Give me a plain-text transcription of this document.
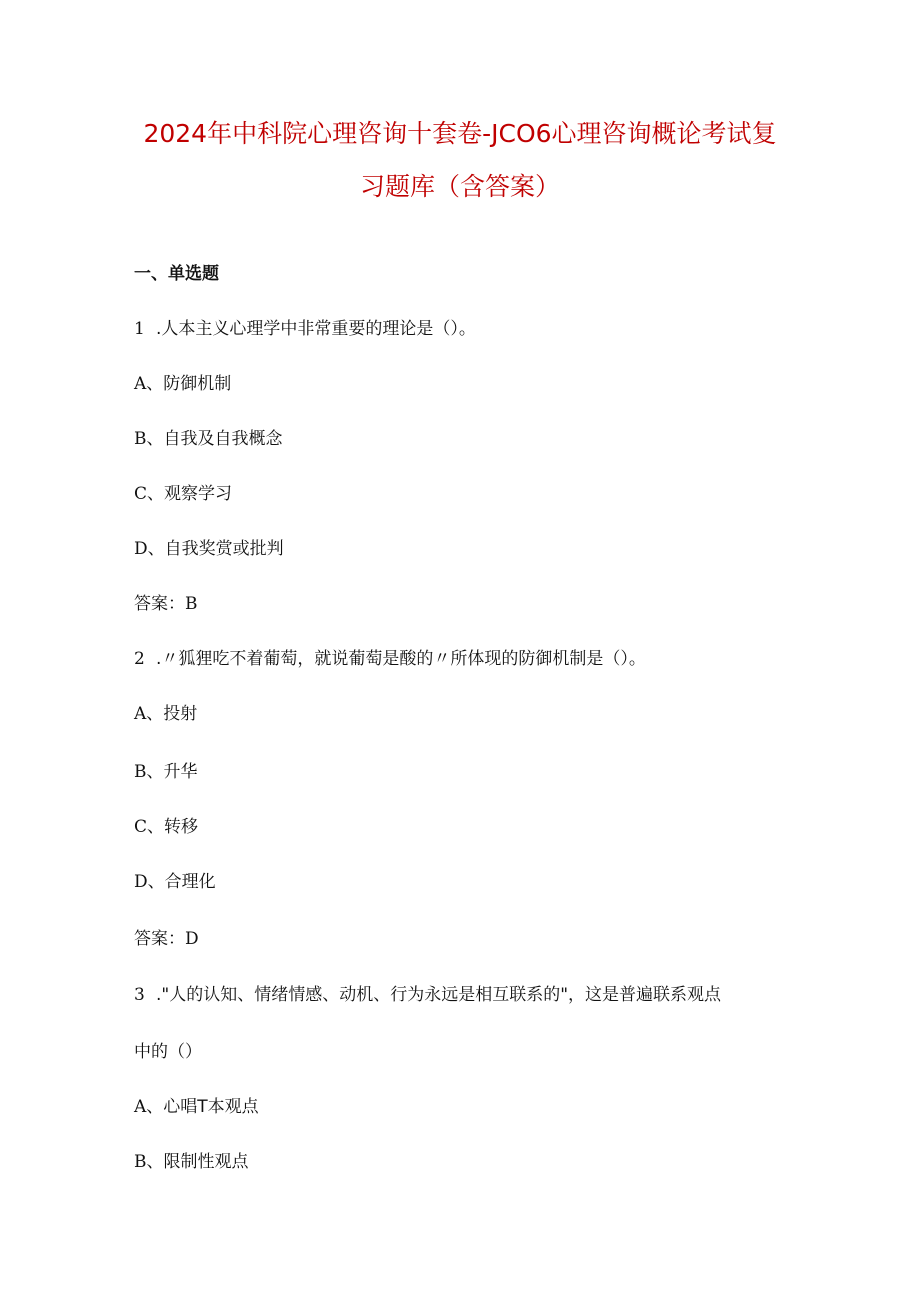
2024年中科院心理咨询十套卷-JCO6心理咨询概论考试复
习题库（含答案）
一、单选题
1 .人本主义心理学中非常重要的理论是（）。
A、防御机制
B、自我及自我概念
C、观察学习
D、自我奖赏或批判
答案：B
2 .〃狐狸吃不着葡萄，就说葡萄是酸的〃所体现的防御机制是（）。
A、投射
B、升华
C、转移
D、合理化
答案：D
3 ."人的认知、情绪情感、动机、行为永远是相互联系的"，这是普遍联系观点
中的（）
A、心唱T本观点
B、限制性观点
